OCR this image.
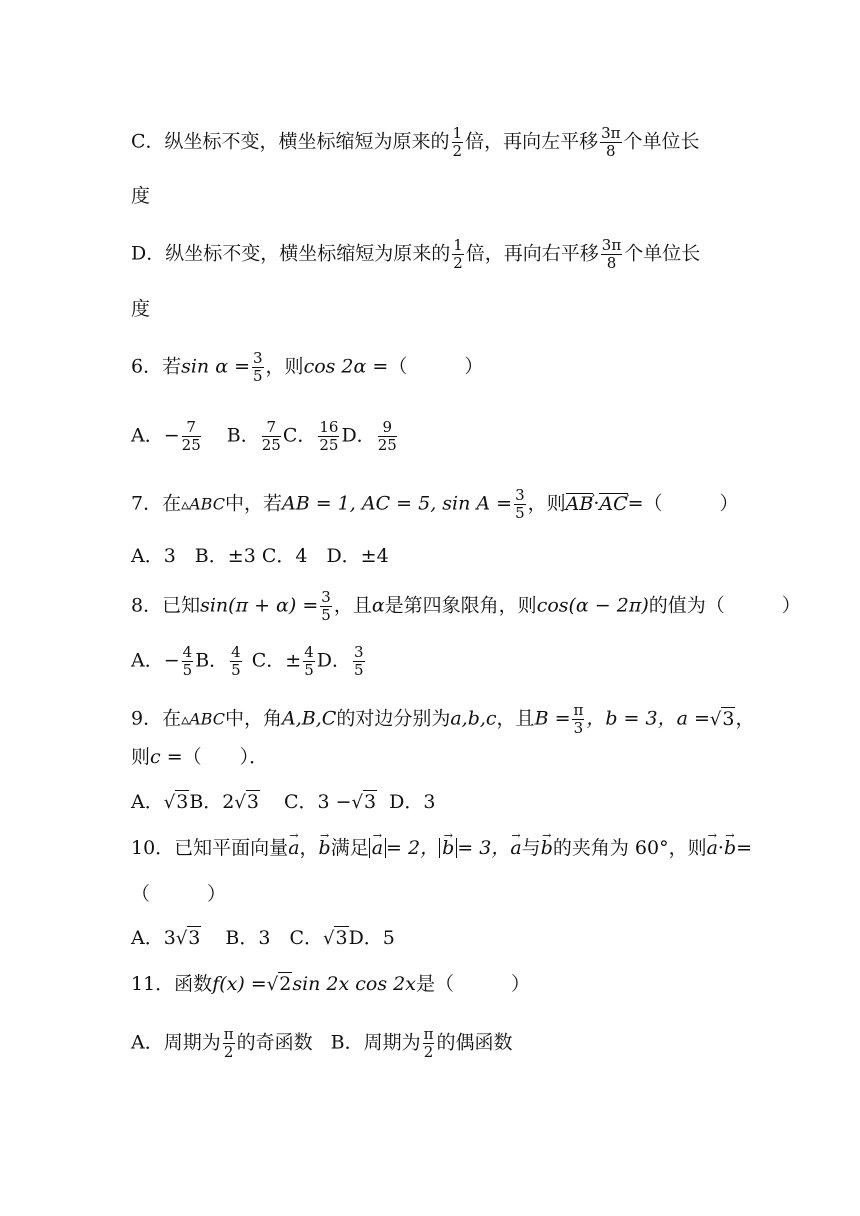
C．纵坐标不变，横坐标缩短为原来的 $\frac{1}{2}$ 倍，再向左平移 $\frac{3\pi}{8}$ 个单位长
度
D．纵坐标不变，横坐标缩短为原来的 $\frac{1}{2}$ 倍，再向右平移 $\frac{3\pi}{8}$ 个单位长
度
6．若$\sin \alpha = \frac{3}{5}$ ，则cos 2α =（　　　）
A．− $\frac{7}{25}$ B． $\frac{7}{25}$ C． $\frac{16}{25}$ D． $\frac{9}{25}$
7．在▵ABC中，若AB = 1, AC = 5, $\sin A = \frac{3}{5}$ ，则AB ›·AC ›=（　　　）
A．3　B．±3 C．4　D．±4
8．已知$\sin(\pi + \alpha) = \frac{3}{5}$ ，且α是第四象限角，则cos(α − 2π)的值为（　　　）
A．− $\frac{4}{5}$ B． $\frac{4}{5}$ C．± $\frac{4}{5}$ D． $\frac{3}{5}$
9．在▵ABC中，角A,B,C的对边分别为a,b,c，且$B = \frac{\pi}{3}$ ，b = 3，a =√3，
则c =（　　）．
A．√3B．2√3 C．3 −√3 D．3
10．已知平面向量→ a，→ b满足 → a = 2， → b = 3，→ a与→ b的夹角为 60°，则→ a·→ b=
（　　　）
A．3√3 B．3　C．√3D．5
11．函数f(x) =√2sin 2x cos 2x是（　　　）
A．周期为 $\frac{\pi}{2}$ 的奇函数 B．周期为 $\frac{\pi}{2}$ 的偶函数
